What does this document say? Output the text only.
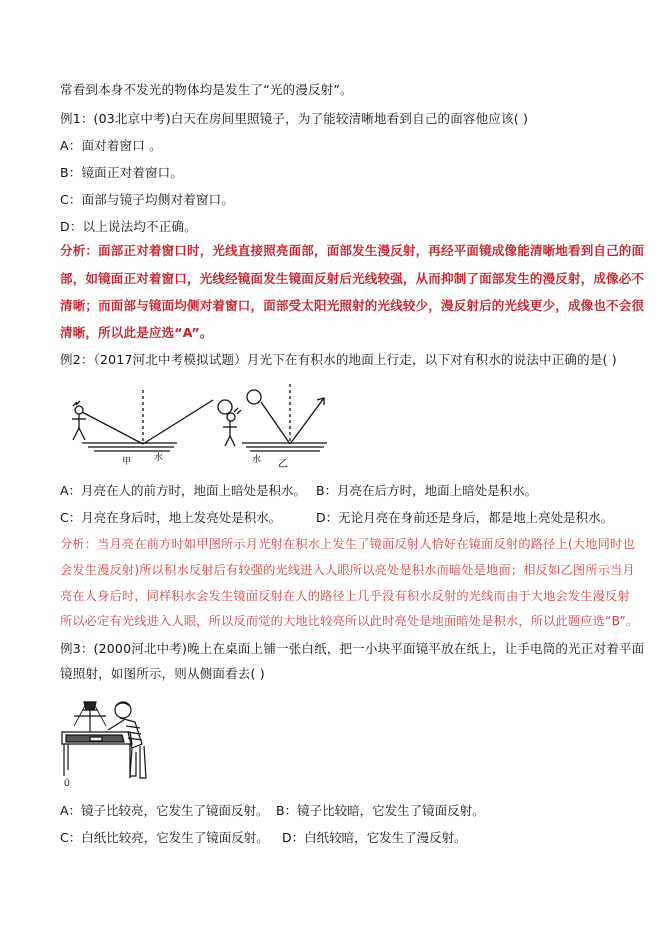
常看到本身不发光的物体均是发生了“光的漫反射”。
例1：(03北京中考)白天在房间里照镜子，为了能较清晰地看到自己的面容他应该( )
A：面对着窗口 。
B：镜面正对着窗口。
C：面部与镜子均侧对着窗口。
D：以上说法均不正确。
分析：面部正对着窗口时，光线直接照亮面部，面部发生漫反射，再经平面镜成像能清晰地看到自己的面
部，如镜面正对着窗口，光线经镜面发生镜面反射后光线较强，从而抑制了面部发生的漫反射，成像必不
清晰；而面部与镜面均侧对着窗口，面部受太阳光照射的光线较少，漫反射后的光线更少，成像也不会很
清晰，所以此是应选“A”。
例2：（2017河北中考模拟试题）月光下在有积水的地面上行走，以下对有积水的说法中正确的是( )
甲	水	水 乙
A：月亮在人的前方时，地面上暗处是积水。 B：月亮在后方时，地面上暗处是积水。
C：月亮在身后时，地上发亮处是积水。	D：无论月亮在身前还是身后，都是地上亮处是积水。
分析：当月亮在前方时如甲图所示月光射在积水上发生了镜面反射人恰好在镜面反射的路径上(大地同时也
会发生漫反射)所以积水反射后有较强的光线进入人眼所以亮处是积水而暗处是地面；相反如乙图所示当月
亮在人身后时，同样积水会发生镜面反射在人的路径上几乎没有积水反射的光线而由于大地会发生漫反射
所以必定有光线进入人眼，所以反而觉的大地比较亮所以此时亮处是地面暗处是积水，所以此题应选“B”。
例3：(2000河北中考)晚上在桌面上铺一张白纸，把一小块平面镜平放在纸上，让手电筒的光正对着平面
镜照射，如图所示，则从侧面看去( )
Ŭ
A：镜子比较亮，它发生了镜面反射。 B：镜子比较暗，它发生了镜面反射。
C：白纸比较亮，它发生了镜面反射。 D：白纸较暗，它发生了漫反射。
